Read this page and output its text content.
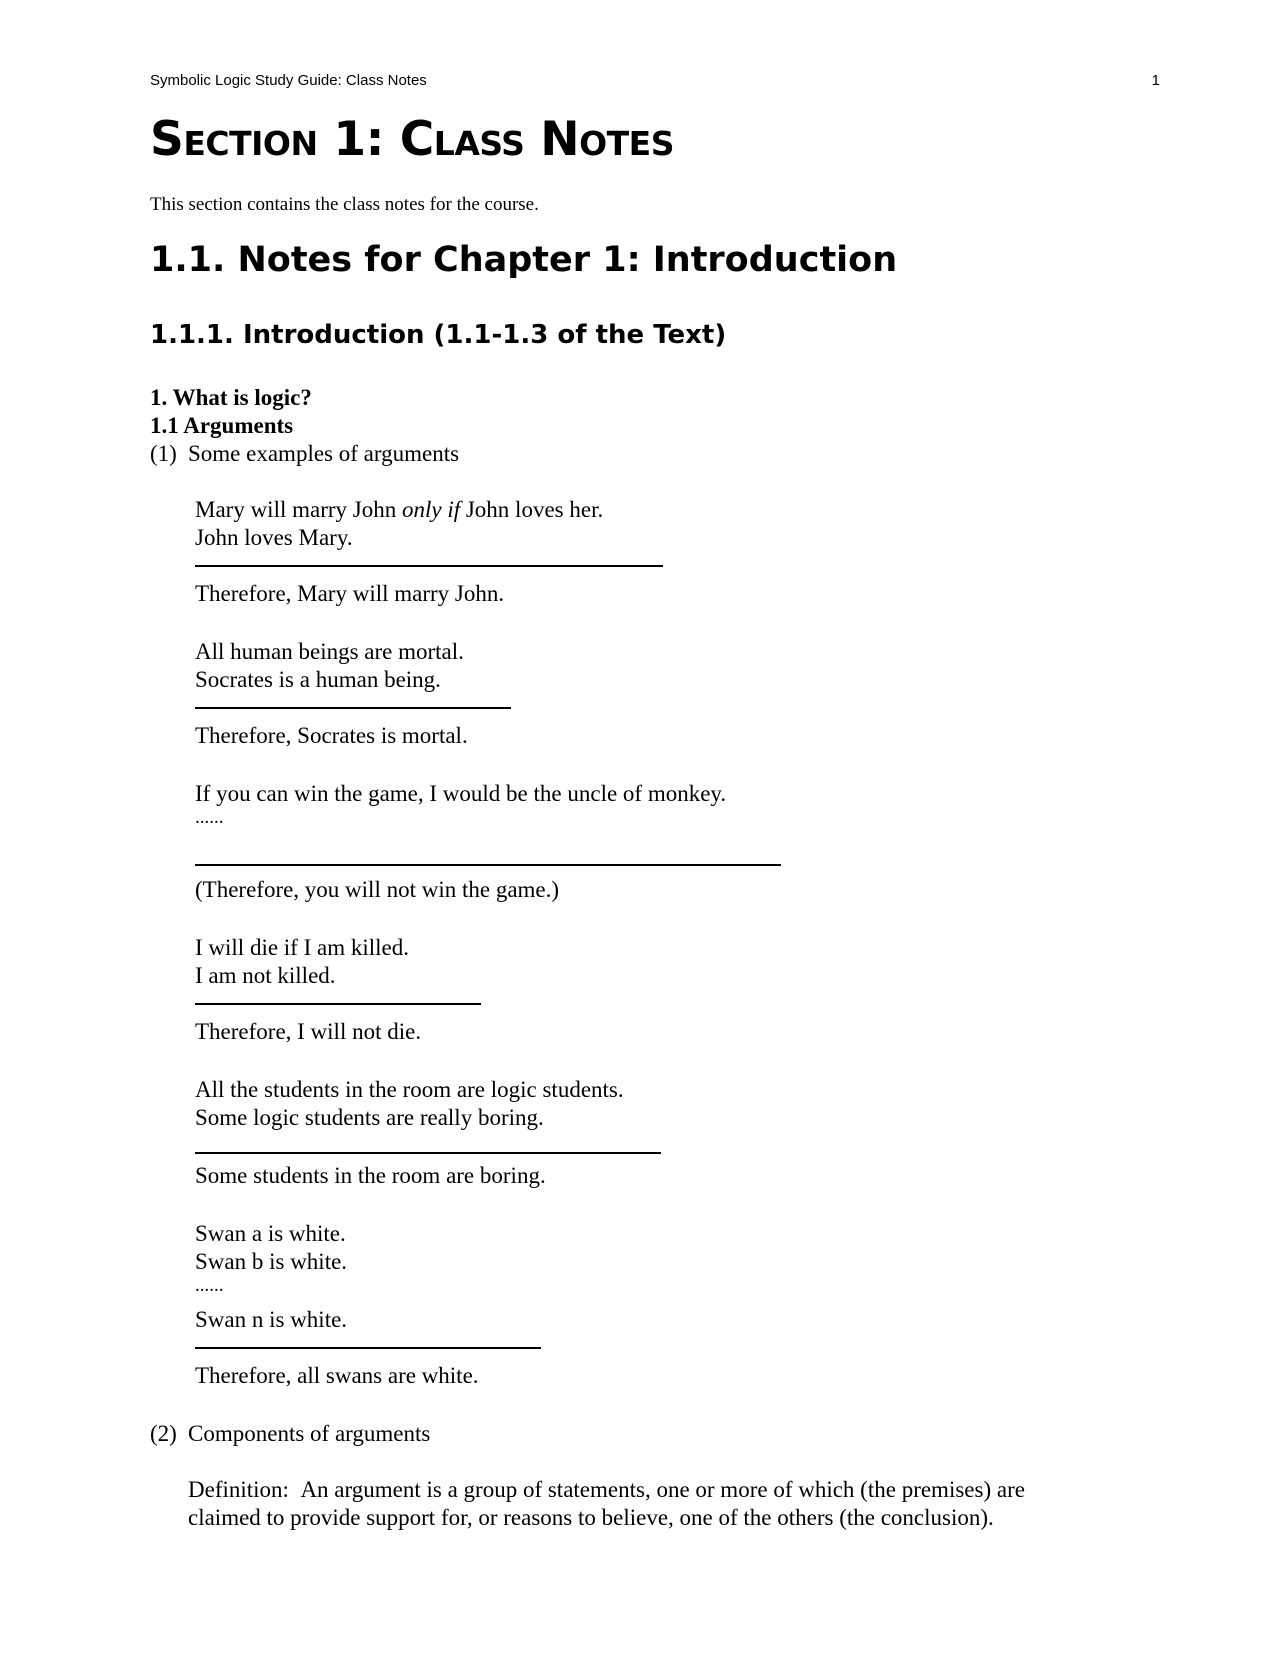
Symbolic Logic Study Guide: Class Notes	1
Section 1: Class Notes

This section contains the class notes for the course.

1.1. Notes for Chapter 1: Introduction
1.1.1. Introduction (1.1-1.3 of the Text)

1. What is logic?

1.1 Arguments

(1) Some examples of arguments

Mary will marry John only if John loves her.

John loves Mary.

Therefore, Mary will marry John.

All human beings are mortal.

Socrates is a human being.

Therefore, Socrates is mortal.

If you can win the game, I would be the uncle of monkey.

......

(Therefore, you will not win the game.)

I will die if I am killed.

I am not killed.

Therefore, I will not die.

All the students in the room are logic students.

Some logic students are really boring.

Some students in the room are boring.

Swan a is white.

Swan b is white.

......

Swan n is white.

Therefore, all swans are white.

(2) Components of arguments

Definition: An argument is a group of statements, one or more of which (the premises) are

claimed to provide support for, or reasons to believe, one of the others (the conclusion).
